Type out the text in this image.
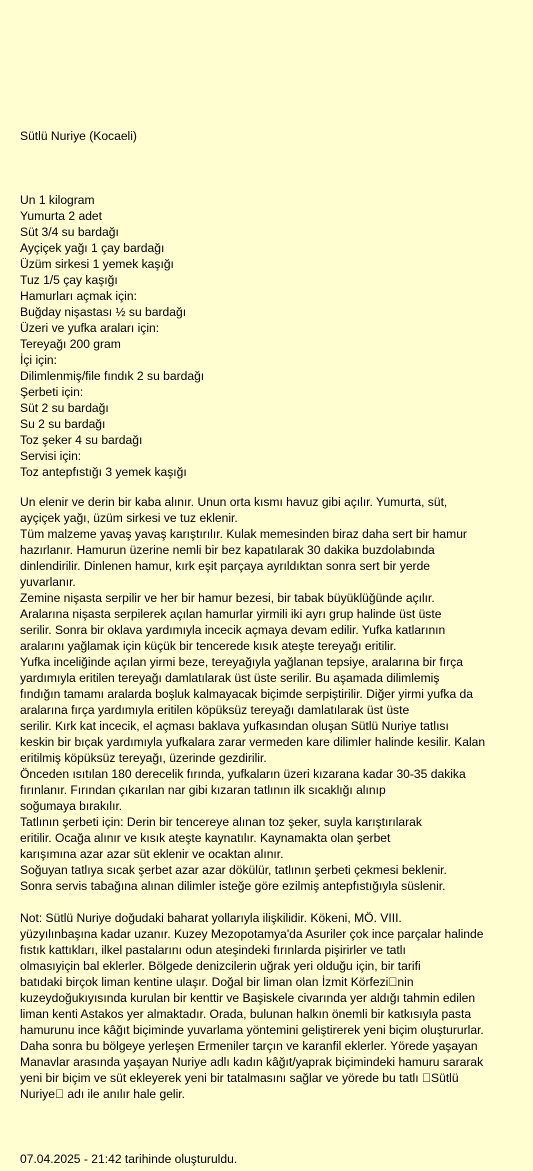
Sütlü Nuriye (Kocaeli)
Un 1 kilogram
Yumurta 2 adet
Süt 3/4 su bardağı
Ayçiçek yağı 1 çay bardağı
Üzüm sirkesi 1 yemek kaşığı
Tuz 1/5 çay kaşığı
Hamurları açmak için:
Buğday nişastası ½ su bardağı
Üzeri ve yufka araları için:
Tereyağı 200 gram
İçi için:
Dilimlenmiş/file fındık 2 su bardağı
Şerbeti için:
Süt 2 su bardağı
Su 2 su bardağı
Toz şeker 4 su bardağı
Servisi için:
Toz antepfıstığı 3 yemek kaşığı
Un elenir ve derin bir kaba alınır. Unun orta kısmı havuz gibi açılır. Yumurta, süt,
ayçiçek yağı, üzüm sirkesi ve tuz eklenir.
Tüm malzeme yavaş yavaş karıştırılır. Kulak memesinden biraz daha sert bir hamur
hazırlanır. Hamurun üzerine nemli bir bez kapatılarak 30 dakika buzdolabında
dinlendirilir. Dinlenen hamur, kırk eşit parçaya ayrıldıktan sonra sert bir yerde
yuvarlanır.
Zemine nişasta serpilir ve her bir hamur bezesi, bir tabak büyüklüğünde açılır.
Aralarına nişasta serpilerek açılan hamurlar yirmili iki ayrı grup halinde üst üste
serilir. Sonra bir oklava yardımıyla incecik açmaya devam edilir. Yufka katlarının
aralarını yağlamak için küçük bir tencerede kısık ateşte tereyağı eritilir.
Yufka inceliğinde açılan yirmi beze, tereyağıyla yağlanan tepsiye, aralarına bir fırça
yardımıyla eritilen tereyağı damlatılarak üst üste serilir. Bu aşamada dilimlemiş
fındığın tamamı aralarda boşluk kalmayacak biçimde serpiştirilir. Diğer yirmi yufka da
aralarına fırça yardımıyla eritilen köpüksüz tereyağı damlatılarak üst üste
serilir. Kırk kat incecik, el açması baklava yufkasından oluşan Sütlü Nuriye tatlısı
keskin bir bıçak yardımıyla yufkalara zarar vermeden kare dilimler halinde kesilir. Kalan
eritilmiş köpüksüz tereyağı, üzerinde gezdirilir.
Önceden ısıtılan 180 derecelik fırında, yufkaların üzeri kızarana kadar 30-35 dakika
fırınlanır. Fırından çıkarılan nar gibi kızaran tatlının ilk sıcaklığı alınıp
soğumaya bırakılır.
Tatlının şerbeti için: Derin bir tencereye alınan toz şeker, suyla karıştırılarak
eritilir. Ocağa alınır ve kısık ateşte kaynatılır. Kaynamakta olan şerbet
karışımına azar azar süt eklenir ve ocaktan alınır.
Soğuyan tatlıya sıcak şerbet azar azar dökülür, tatlının şerbeti çekmesi beklenir.
Sonra servis tabağına alınan dilimler isteğe göre ezilmiş antepfıstığıyla süslenir.
Not: Sütlü Nuriye doğudaki baharat yollarıyla ilişkilidir. Kökeni, MÖ. VIII.
yüzyılınbaşına kadar uzanır. Kuzey Mezopotamya'da Asuriler çok ince parçalar halinde
fıstık kattıkları, ilkel pastalarını odun ateşindeki fırınlarda pişirirler ve tatlı
olmasıyiçin bal eklerler. Bölgede denizcilerin uğrak yeri olduğu için, bir tarifi
batıdaki birçok liman kentine ulaşır. Doğal bir liman olan İzmit Körfezi nin
kuzeydoğukıyısında kurulan bir kenttir ve Başiskele civarında yer aldığı tahmin edilen
liman kenti Astakos yer almaktadır. Orada, bulunan halkın önemli bir katkısıyla pasta
hamurunu ince kâğıt biçiminde yuvarlama yöntemini geliştirerek yeni biçim oluştururlar.
Daha sonra bu bölgeye yerleşen Ermeniler tarçın ve karanfil eklerler. Yörede yaşayan
Manavlar arasında yaşayan Nuriye adlı kadın kâğıt/yaprak biçimindeki hamuru sararak
yeni bir biçim ve süt ekleyerek yeni bir tatalmasını sağlar ve yörede bu tatlı  Sütlü
Nuriye  adı ile anılır hale gelir.
07.04.2025 - 21:42 tarihinde oluşturuldu.
